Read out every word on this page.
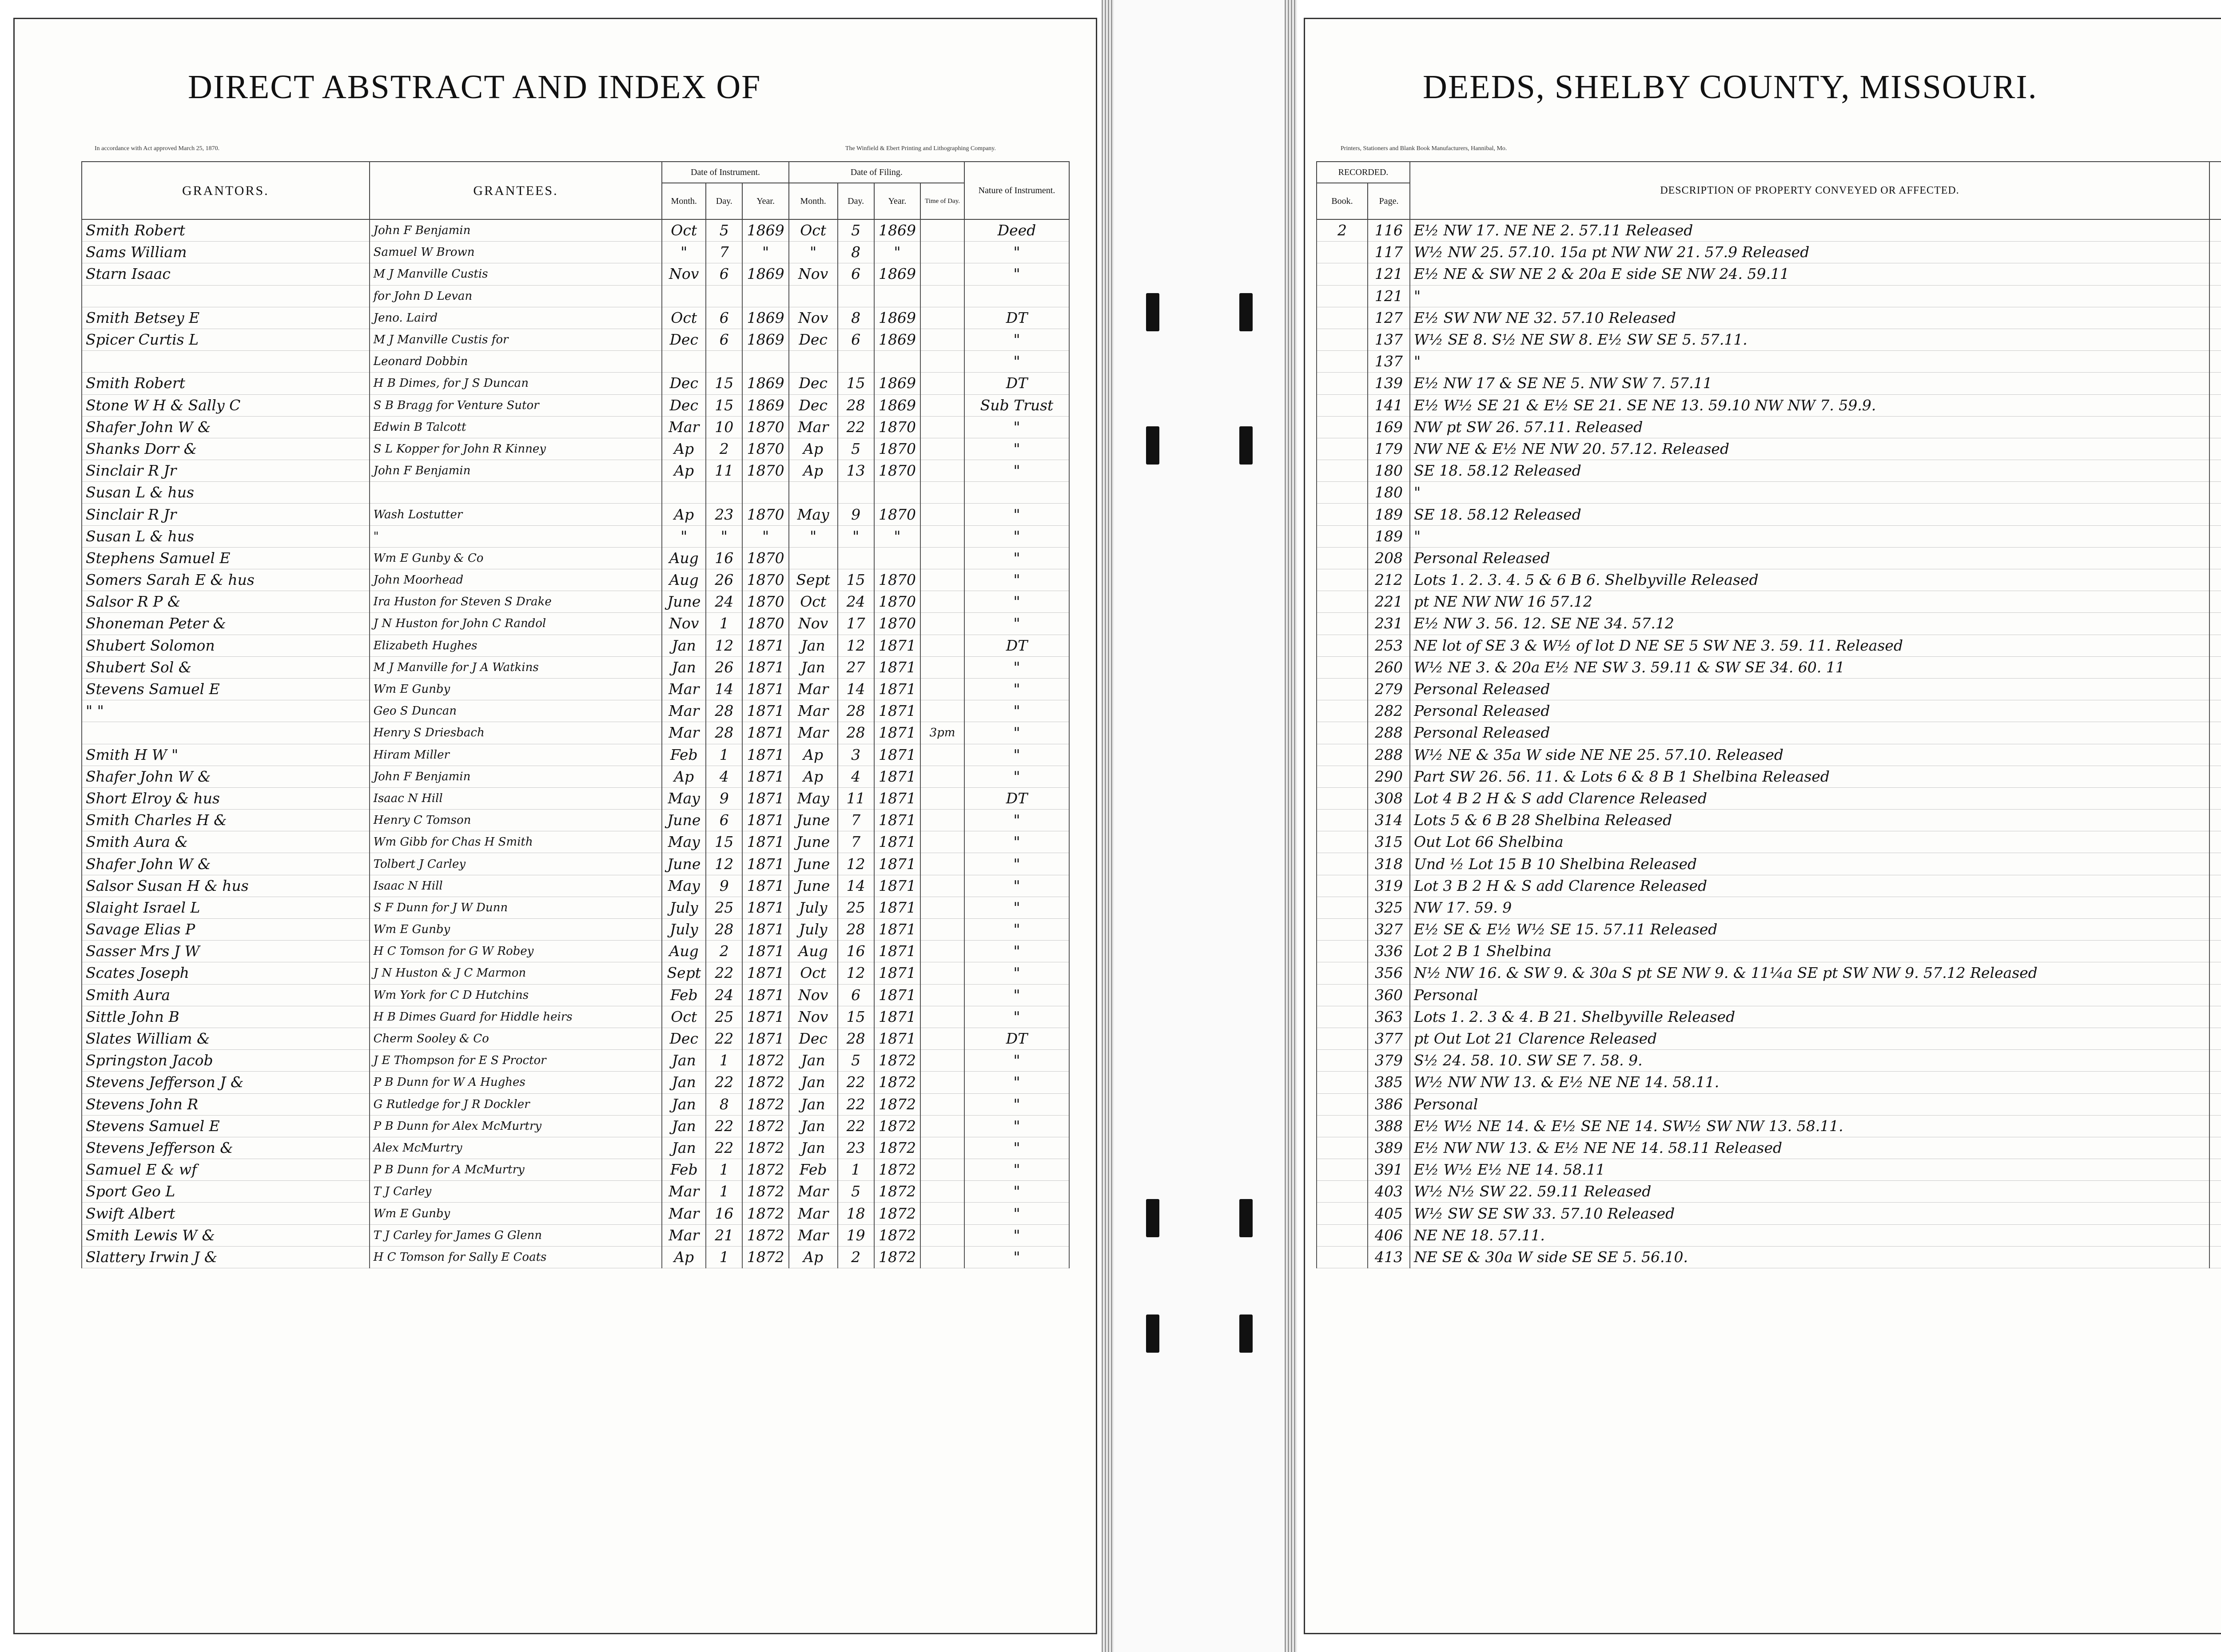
DIRECT ABSTRACT AND INDEX OF
In accordance with Act approved March 25, 1870.	The Winfield & Ebert Printing and Lithographing Company.
GRANTORS.	GRANTEES.	Date of Instrument.			Date of Filing.				Nature of Instrument.
		Month.	Day.	Year.	Month.	Day.	Year.	Time of Day.	
Smith Robert	John F Benjamin	Oct	5	1869	Oct	5	1869		Deed
Sams William	Samuel W Brown	"	7	"	"	8	"		"
Starn Isaac	M J Manville Custis	Nov	6	1869	Nov	6	1869		"
	for John D Levan								
Smith Betsey E	Jeno. Laird	Oct	6	1869	Nov	8	1869		DT
Spicer Curtis L	M J Manville Custis for	Dec	6	1869	Dec	6	1869		"
	Leonard Dobbin								"
Smith Robert	H B Dimes, for J S Duncan	Dec	15	1869	Dec	15	1869		DT
Stone W H & Sally C	S B Bragg for Venture Sutor	Dec	15	1869	Dec	28	1869		Sub Trust
Shafer John W &	Edwin B Talcott	Mar	10	1870	Mar	22	1870		"
Shanks Dorr &	S L Kopper for John R Kinney	Ap	2	1870	Ap	5	1870		"
Sinclair R Jr	John F Benjamin	Ap	11	1870	Ap	13	1870		"
Susan L & hus									
Sinclair R Jr	Wash Lostutter	Ap	23	1870	May	9	1870		"
Susan L & hus	"	"	"	"	"	"	"		"
Stephens Samuel E	Wm E Gunby & Co	Aug	16	1870					"
Somers Sarah E & hus	John Moorhead	Aug	26	1870	Sept	15	1870		"
Salsor R P &	Ira Huston for Steven S Drake	June	24	1870	Oct	24	1870		"
Shoneman Peter &	J N Huston for John C Randol	Nov	1	1870	Nov	17	1870		"
Shubert Solomon	Elizabeth Hughes	Jan	12	1871	Jan	12	1871		DT
Shubert Sol &	M J Manville for J A Watkins	Jan	26	1871	Jan	27	1871		"
Stevens Samuel E	Wm E Gunby	Mar	14	1871	Mar	14	1871		"
" "	Geo S Duncan	Mar	28	1871	Mar	28	1871		"
	Henry S Driesbach	Mar	28	1871	Mar	28	1871	3pm	"
Smith H W "	Hiram Miller	Feb	1	1871	Ap	3	1871		"
Shafer John W &	John F Benjamin	Ap	4	1871	Ap	4	1871		"
Short Elroy & hus	Isaac N Hill	May	9	1871	May	11	1871		DT
Smith Charles H &	Henry C Tomson	June	6	1871	June	7	1871		"
Smith Aura &	Wm Gibb for Chas H Smith	May	15	1871	June	7	1871		"
Shafer John W &	Tolbert J Carley	June	12	1871	June	12	1871		"
Salsor Susan H & hus	Isaac N Hill	May	9	1871	June	14	1871		"
Slaight Israel L	S F Dunn for J W Dunn	July	25	1871	July	25	1871		"
Savage Elias P	Wm E Gunby	July	28	1871	July	28	1871		"
Sasser Mrs J W	H C Tomson for G W Robey	Aug	2	1871	Aug	16	1871		"
Scates Joseph	J N Huston & J C Marmon	Sept	22	1871	Oct	12	1871		"
Smith Aura	Wm York for C D Hutchins	Feb	24	1871	Nov	6	1871		"
Sittle John B	H B Dimes Guard for Hiddle heirs	Oct	25	1871	Nov	15	1871		"
Slates William &	Cherm Sooley & Co	Dec	22	1871	Dec	28	1871		DT
Springston Jacob	J E Thompson for E S Proctor	Jan	1	1872	Jan	5	1872		"
Stevens Jefferson J &	P B Dunn for W A Hughes	Jan	22	1872	Jan	22	1872		"
Stevens John R	G Rutledge for J R Dockler	Jan	8	1872	Jan	22	1872		"
Stevens Samuel E	P B Dunn for Alex McMurtry	Jan	22	1872	Jan	22	1872		"
Stevens Jefferson &	Alex McMurtry	Jan	22	1872	Jan	23	1872		"
Samuel E & wf	P B Dunn for A McMurtry	Feb	1	1872	Feb	1	1872		"
Sport Geo L	T J Carley	Mar	1	1872	Mar	5	1872		"
Swift Albert	Wm E Gunby	Mar	16	1872	Mar	18	1872		"
Smith Lewis W &	T J Carley for James G Glenn	Mar	21	1872	Mar	19	1872		"
Slattery Irwin J &	H C Tomson for Sally E Coats	Ap	1	1872	Ap	2	1872		"
DEEDS, SHELBY COUNTY, MISSOURI.
Printers, Stationers and Blank Book Manufacturers, Hannibal, Mo.
RECORDED.		DESCRIPTION OF PROPERTY CONVEYED OR AFFECTED.			
Book.	Page.				
2	116	E½ NW 17. NE NE 2. 57.11 Released			
	117	W½ NW 25. 57.10. 15a pt NW NW 21. 57.9 Released			
	121	E½ NE & SW NE 2 & 20a E side SE NW 24. 59.11			
	121	"			
	127	E½ SW NW NE 32. 57.10 Released			
	137	W½ SE 8. S½ NE SW 8. E½ SW SE 5. 57.11.			
	137	"			
	139	E½ NW 17 & SE NE 5. NW SW 7. 57.11			
	141	E½ W½ SE 21 & E½ SE 21. SE NE 13. 59.10 NW NW 7. 59.9.			
	169	NW pt SW 26. 57.11. Released			
	179	NW NE & E½ NE NW 20. 57.12. Released			
	180	SE 18. 58.12 Released			
	180	"			
	189	SE 18. 58.12 Released			
	189	"			
	208	Personal Released			
	212	Lots 1. 2. 3. 4. 5 & 6 B 6. Shelbyville Released			
	221	pt NE NW NW 16 57.12			
	231	E½ NW 3. 56. 12. SE NE 34. 57.12			
	253	NE lot of SE 3 & W½ of lot D NE SE 5 SW NE 3. 59. 11. Released			
	260	W½ NE 3. & 20a E½ NE SW 3. 59.11 & SW SE 34. 60. 11			
	279	Personal Released			
	282	Personal Released			
	288	Personal Released			
	288	W½ NE & 35a W side NE NE 25. 57.10. Released			
	290	Part SW 26. 56. 11. & Lots 6 & 8 B 1 Shelbina Released			
	308	Lot 4 B 2 H & S add Clarence Released			
	314	Lots 5 & 6 B 28 Shelbina Released			
	315	Out Lot 66 Shelbina			
	318	Und ½ Lot 15 B 10 Shelbina Released			
	319	Lot 3 B 2 H & S add Clarence Released			
	325	NW 17. 59. 9			
	327	E½ SE & E½ W½ SE 15. 57.11 Released			
	336	Lot 2 B 1 Shelbina			
	356	N½ NW 16. & SW 9. & 30a S pt SE NW 9. & 11¼a SE pt SW NW 9. 57.12 Released			
	360	Personal			
	363	Lots 1. 2. 3 & 4. B 21. Shelbyville Released			
	377	pt Out Lot 21 Clarence Released			
	379	S½ 24. 58. 10. SW SE 7. 58. 9.			
	385	W½ NW NW 13. & E½ NE NE 14. 58.11.			
	386	Personal			
	388	E½ W½ NE 14. & E½ SE NE 14. SW½ SW NW 13. 58.11.			
	389	E½ NW NW 13. & E½ NE NE 14. 58.11 Released			
	391	E½ W½ E½ NE 14. 58.11			
	403	W½ N½ SW 22. 59.11 Released			
	405	W½ SW SE SW 33. 57.10 Released			
	406	NE NE 18. 57.11.			
	413	NE SE & 30a W side SE SE 5. 56.10.			
